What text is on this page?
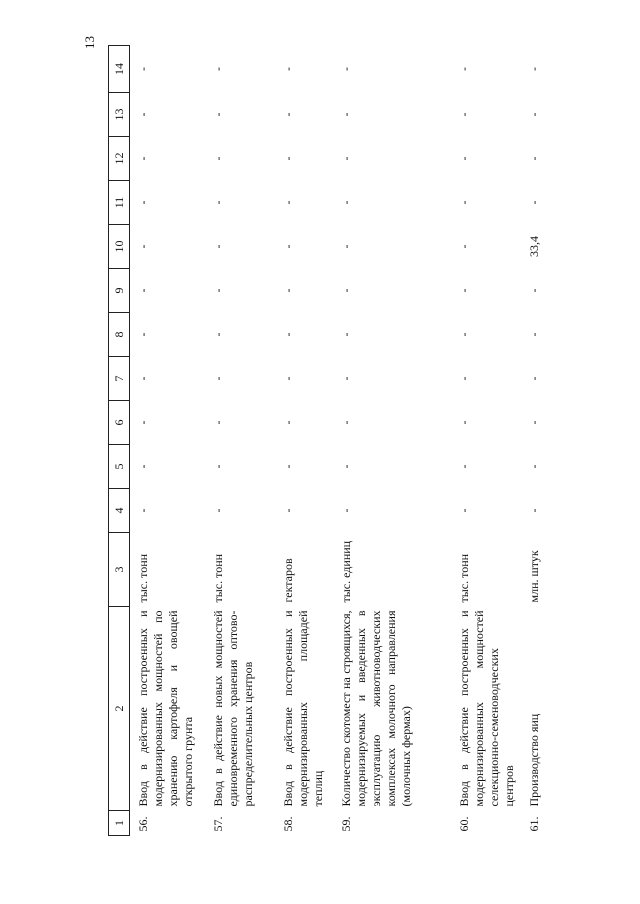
13
1	2	3	4	5	6	7	8	9	10	11	12	13	14
56.	Ввод в действие построенных и модернизированных мощностей по хранению картофеля и овощей открытого грунта	тыс. тонн	-	-	-	-	-	-	-	-	-	-	-
57.	Ввод в действие новых мощностей единовременного хранения оптово-распределительных центров	тыс. тонн	-	-	-	-	-	-	-	-	-	-	-
58.	Ввод в действие построенных и модернизированных площадей теплиц	гектаров	-	-	-	-	-	-	-	-	-	-	-
59.	Количество скотомест на строящихся, модернизируемых и введенных в эксплуатацию животноводческих комплексах молочного направления (молочных фермах)	тыс. единиц	-	-	-	-	-	-	-	-	-	-	-
60.	Ввод в действие построенных и модернизированных мощностей селекционно-семеноводческих центров	тыс. тонн	-	-	-	-	-	-	-	-	-	-	-
61.	Производство яиц	млн. штук	-	-	-	-	-	-	33,4	-	-	-	-
